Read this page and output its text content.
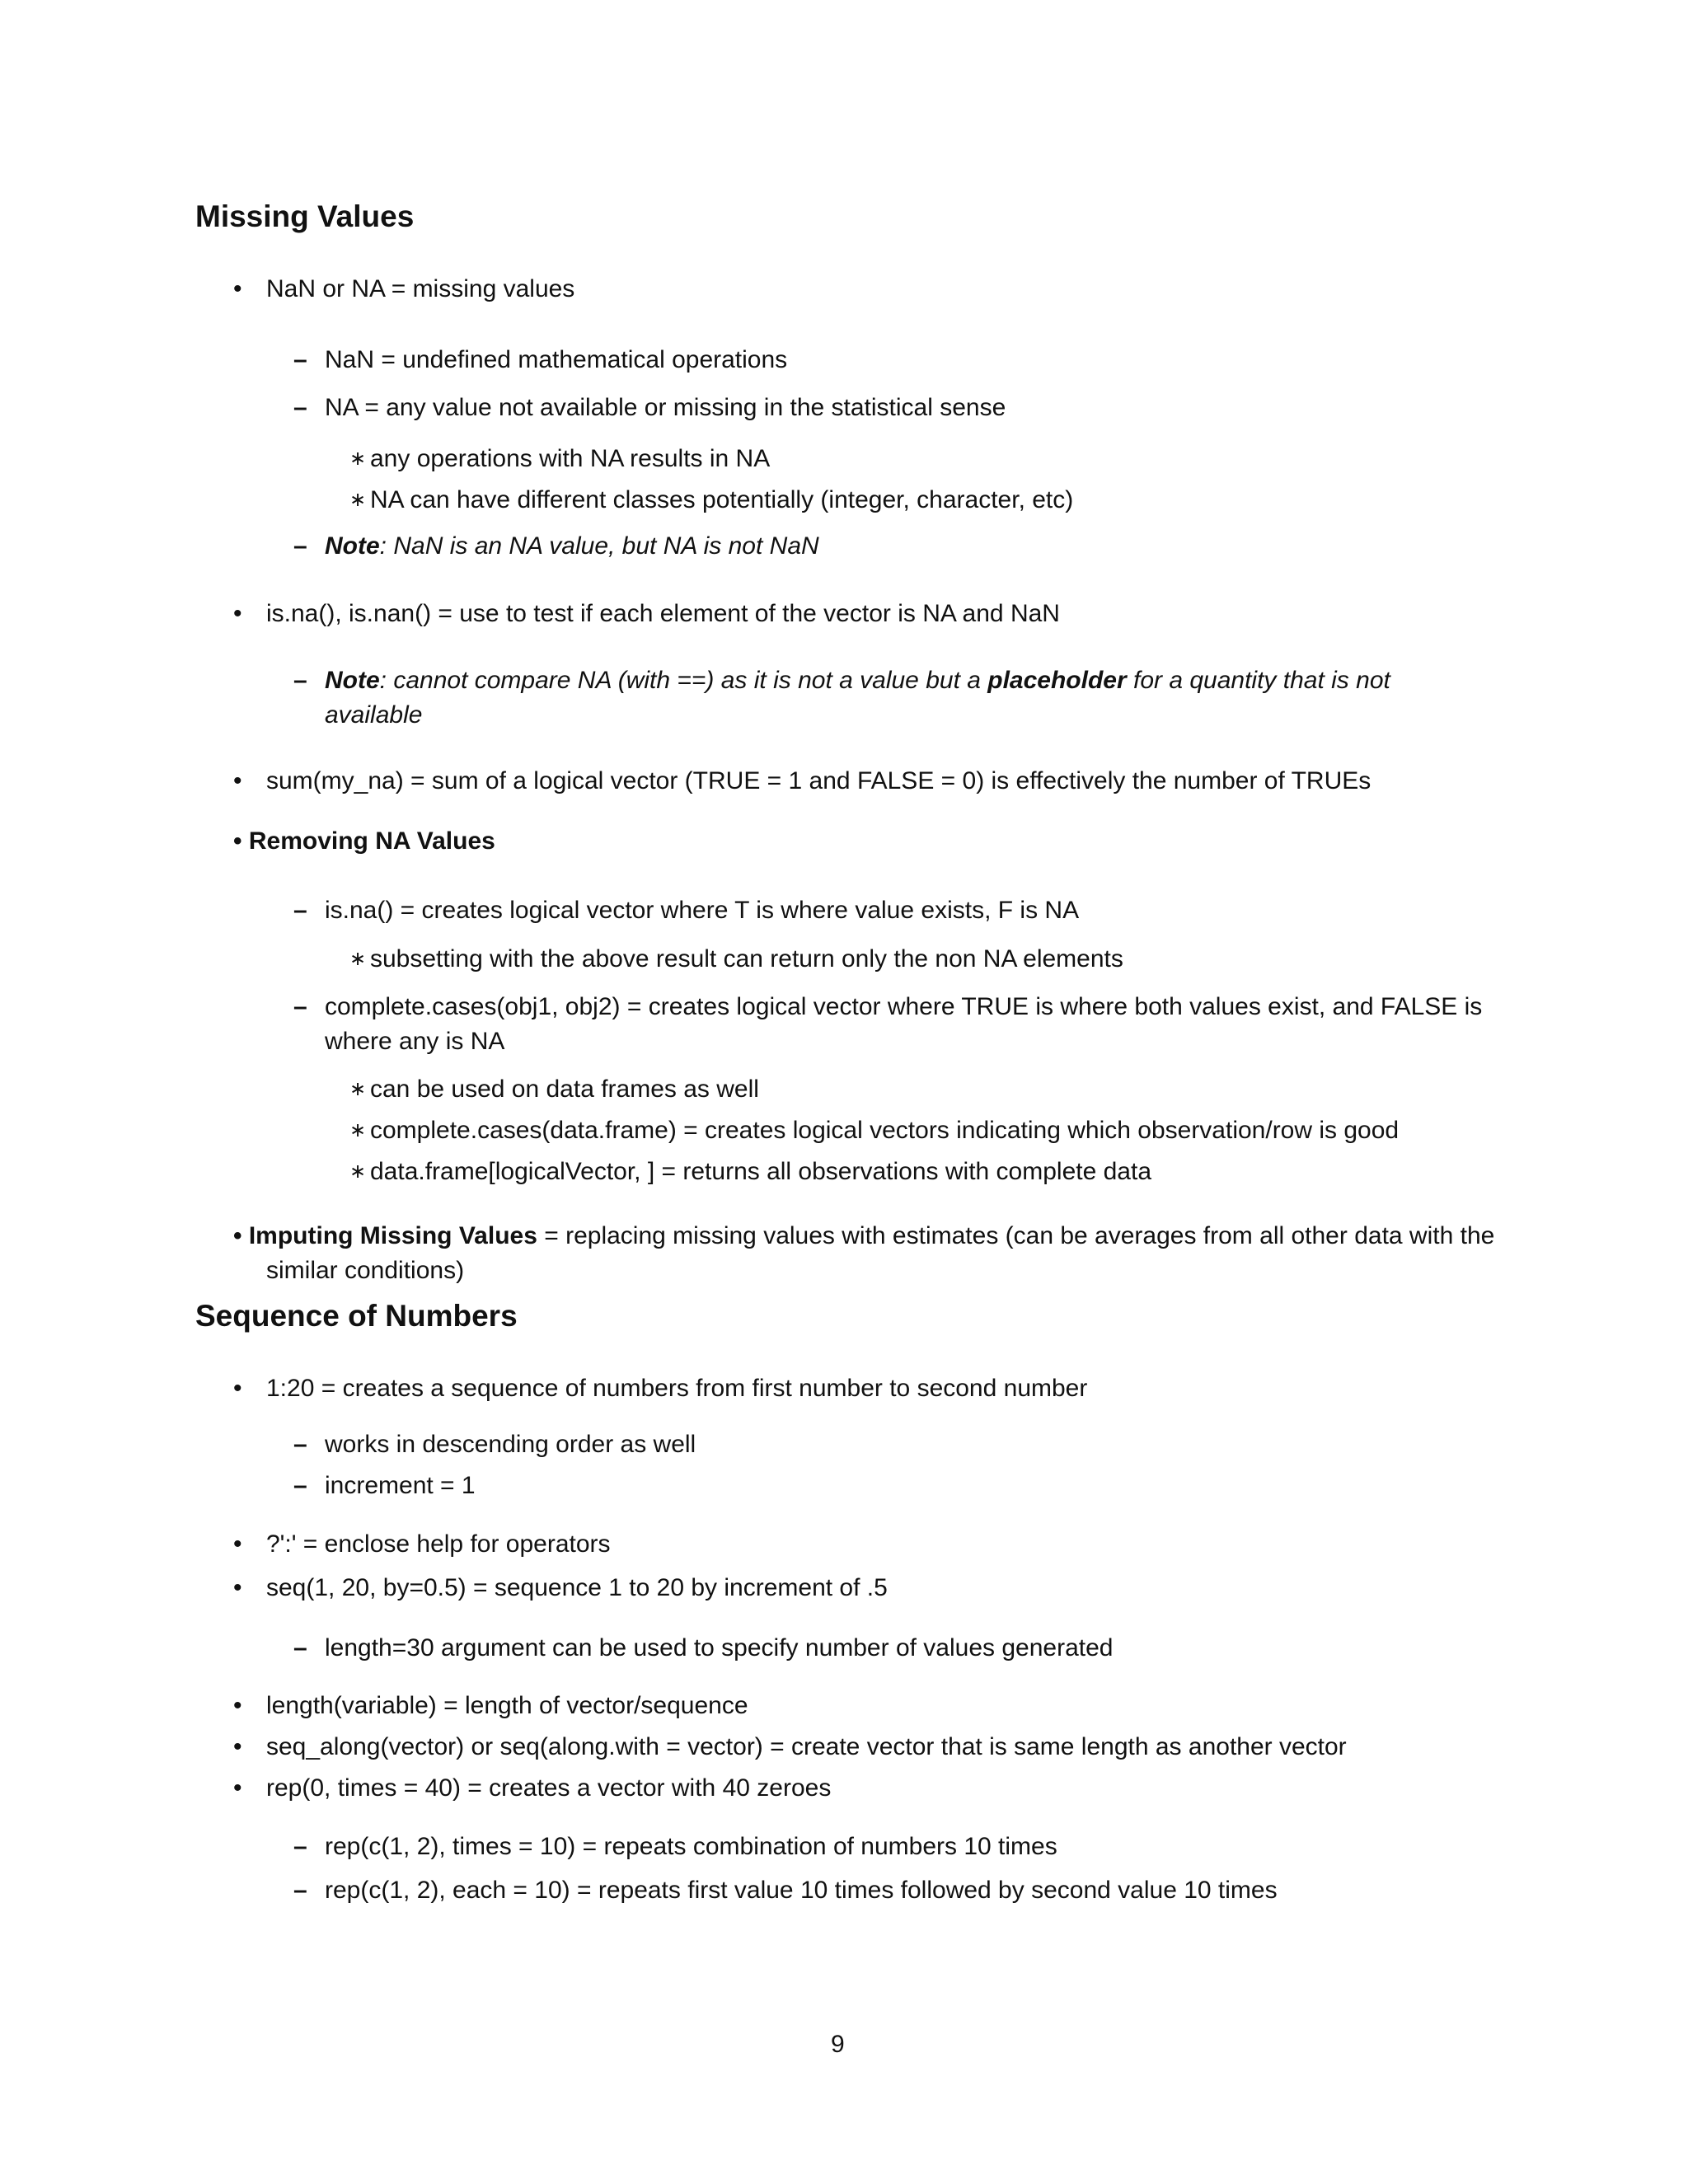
Missing Values
• NaN or NA = missing values
– NaN = undefined mathematical operations
– NA = any value not available or missing in the statistical sense
∗ any operations with NA results in NA
∗ NA can have different classes potentially (integer, character, etc)
– Note: NaN is an NA value, but NA is not NaN
• is.na(), is.nan() = use to test if each element of the vector is NA and NaN
– Note: cannot compare NA (with ==) as it is not a value but a placeholder for a quantity that is not
available
• sum(my_na) = sum of a logical vector (TRUE = 1 and FALSE = 0) is effectively the number of TRUEs
• Removing NA Values
– is.na() = creates logical vector where T is where value exists, F is NA
∗ subsetting with the above result can return only the non NA elements
– complete.cases(obj1, obj2) = creates logical vector where TRUE is where both values exist, and FALSE is
where any is NA
∗ can be used on data frames as well
∗ complete.cases(data.frame) = creates logical vectors indicating which observation/row is good
∗ data.frame[logicalVector, ] = returns all observations with complete data
• Imputing Missing Values = replacing missing values with estimates (can be averages from all other data with the
similar conditions)
Sequence of Numbers
• 1:20 = creates a sequence of numbers from first number to second number
– works in descending order as well
– increment = 1
• ?':' = enclose help for operators
• seq(1, 20, by=0.5) = sequence 1 to 20 by increment of .5
– length=30 argument can be used to specify number of values generated
• length(variable) = length of vector/sequence
• seq_along(vector) or seq(along.with = vector) = create vector that is same length as another vector
• rep(0, times = 40) = creates a vector with 40 zeroes
– rep(c(1, 2), times = 10) = repeats combination of numbers 10 times
– rep(c(1, 2), each = 10) = repeats first value 10 times followed by second value 10 times
9
